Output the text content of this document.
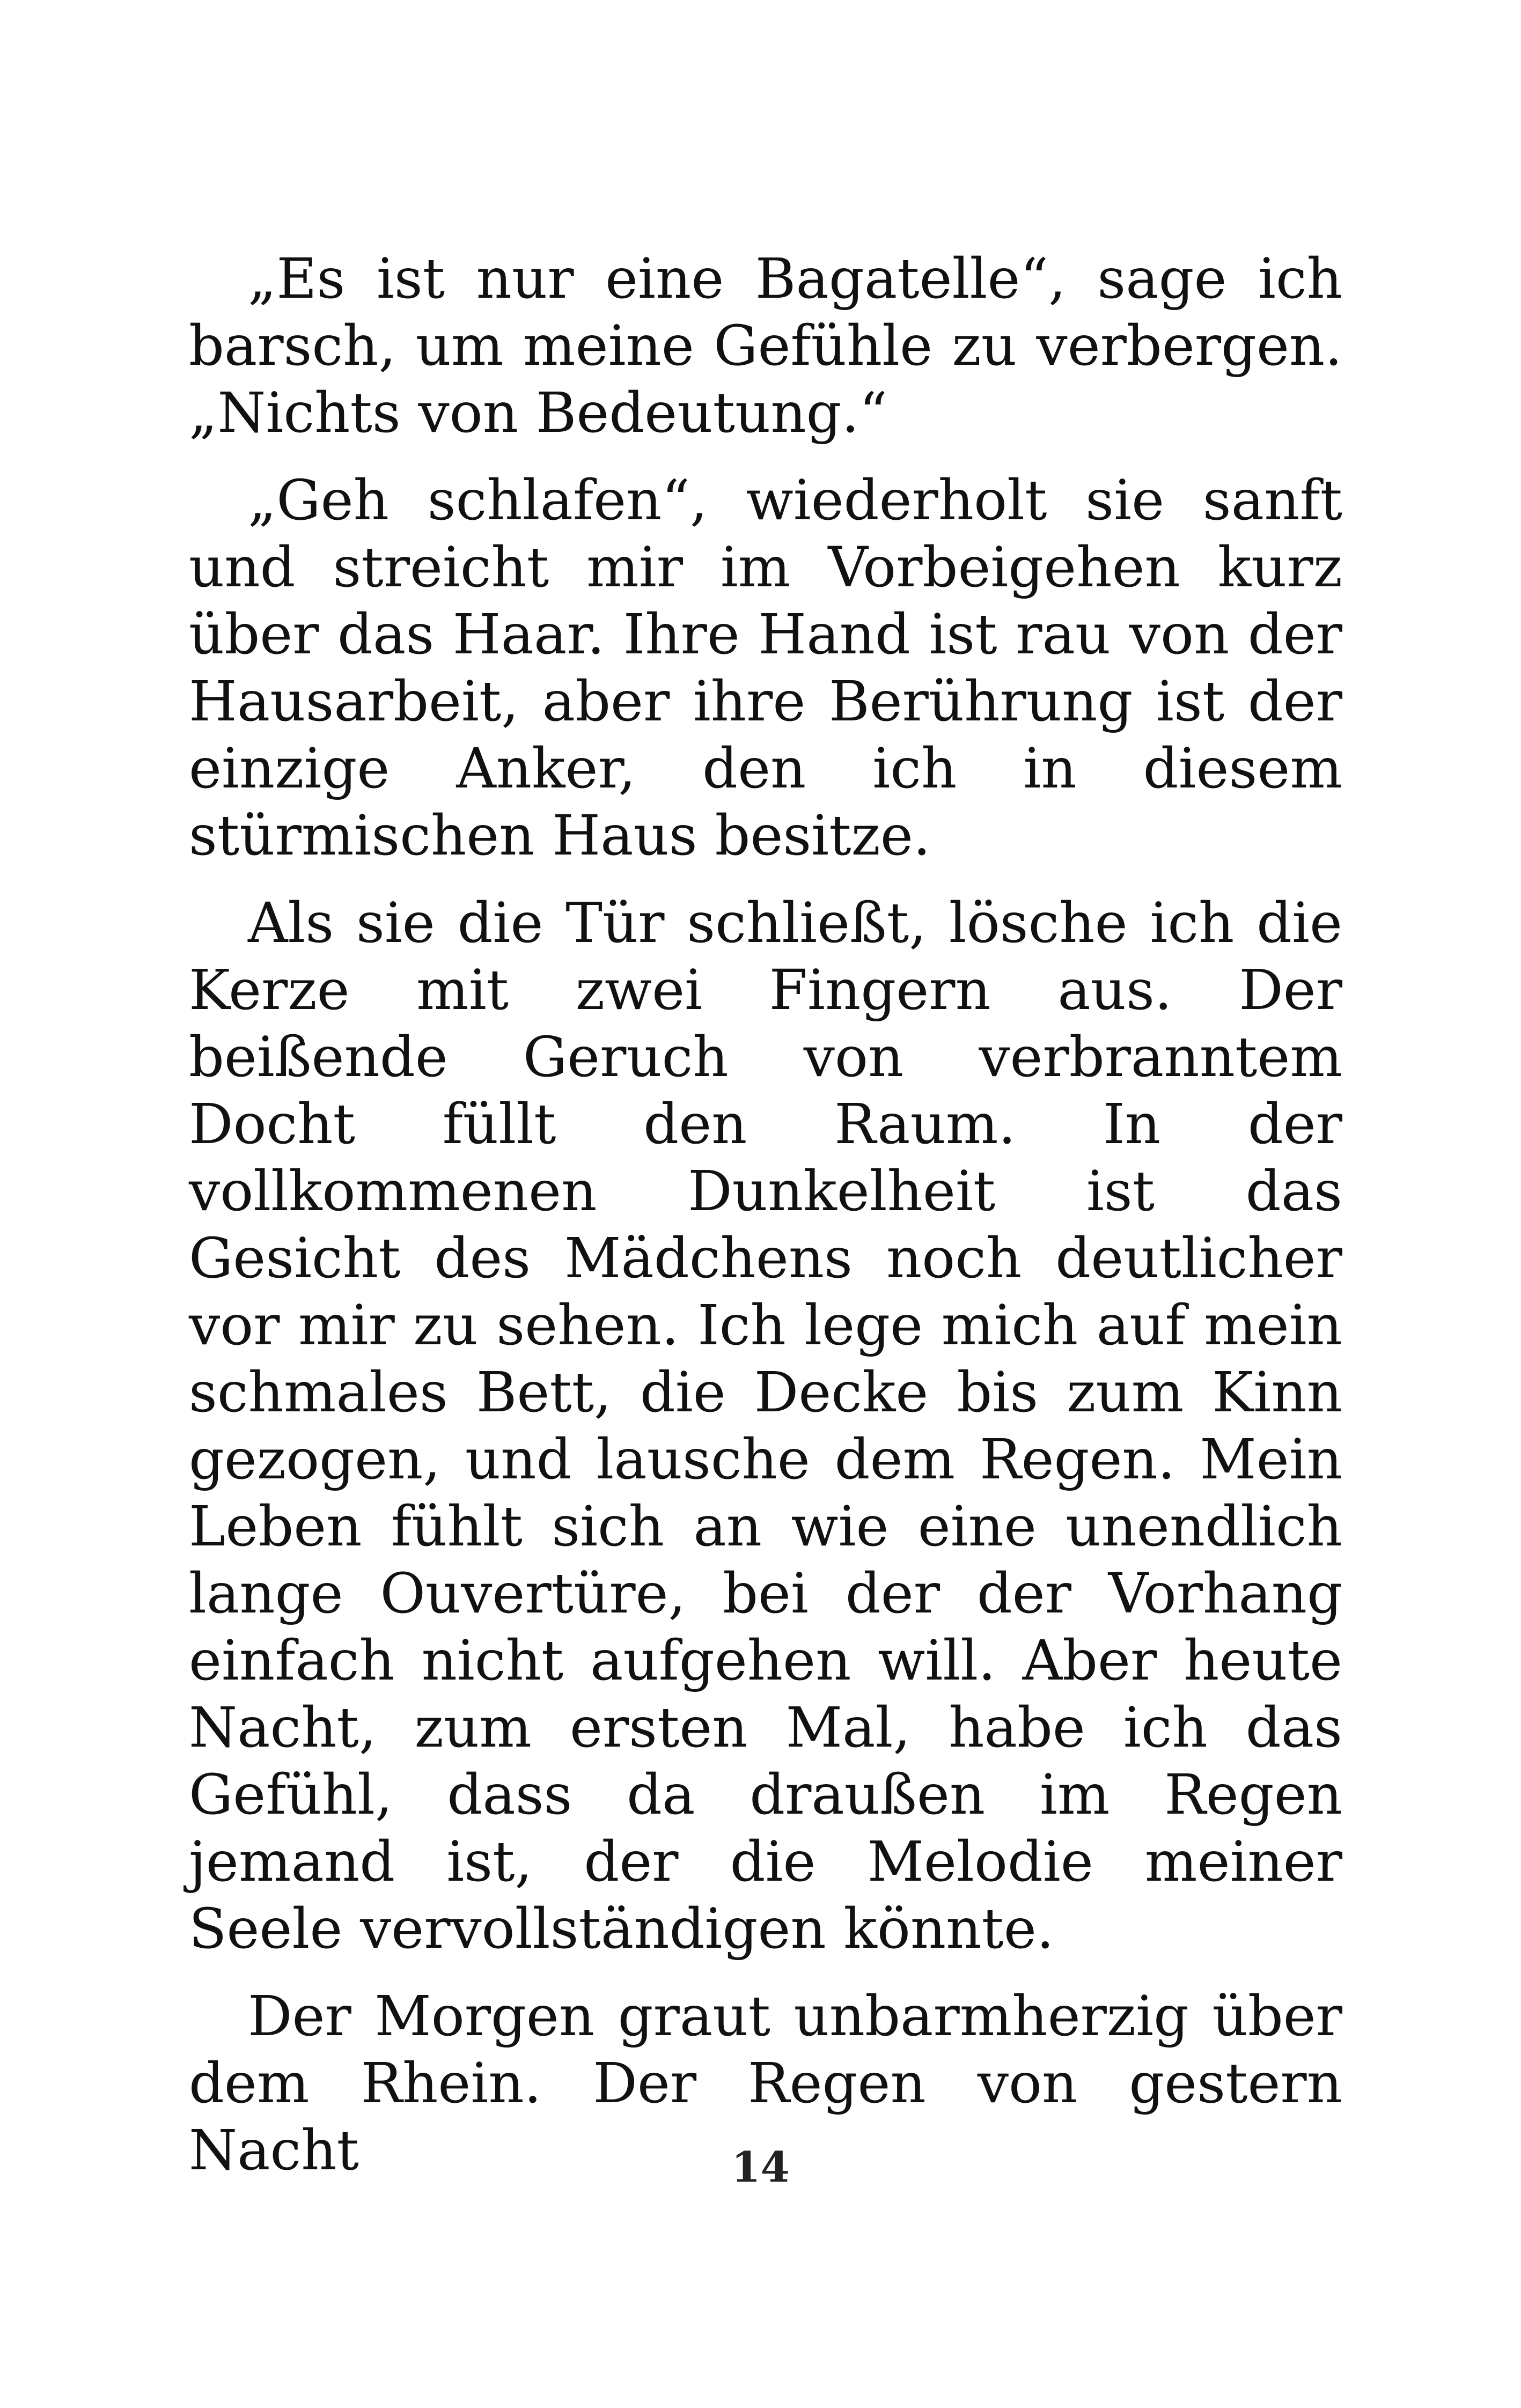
„Es ist nur eine Bagatelle“, sage ich barsch, um meine Gefühle zu verbergen. „Nichts von Bedeutung.“

„Geh schlafen“, wiederholt sie sanft und streicht mir im Vorbeigehen kurz über das Haar. Ihre Hand ist rau von der Hausarbeit, aber ihre Berührung ist der einzige Anker, den ich in diesem stürmischen Haus besitze.

Als sie die Tür schließt, lösche ich die Kerze mit zwei Fingern aus. Der beißende Geruch von verbranntem Docht füllt den Raum. In der vollkommenen Dunkelheit ist das Gesicht des Mädchens noch deutlicher vor mir zu sehen. Ich lege mich auf mein schmales Bett, die Decke bis zum Kinn gezogen, und lausche dem Regen. Mein Leben fühlt sich an wie eine unendlich lange Ouvertüre, bei der der Vorhang einfach nicht aufgehen will. Aber heute Nacht, zum ersten Mal, habe ich das Gefühl, dass da draußen im Regen jemand ist, der die Melodie meiner Seele vervollständigen könnte.

Der Morgen graut unbarmherzig über dem Rhein. Der Regen von gestern Nacht	14
